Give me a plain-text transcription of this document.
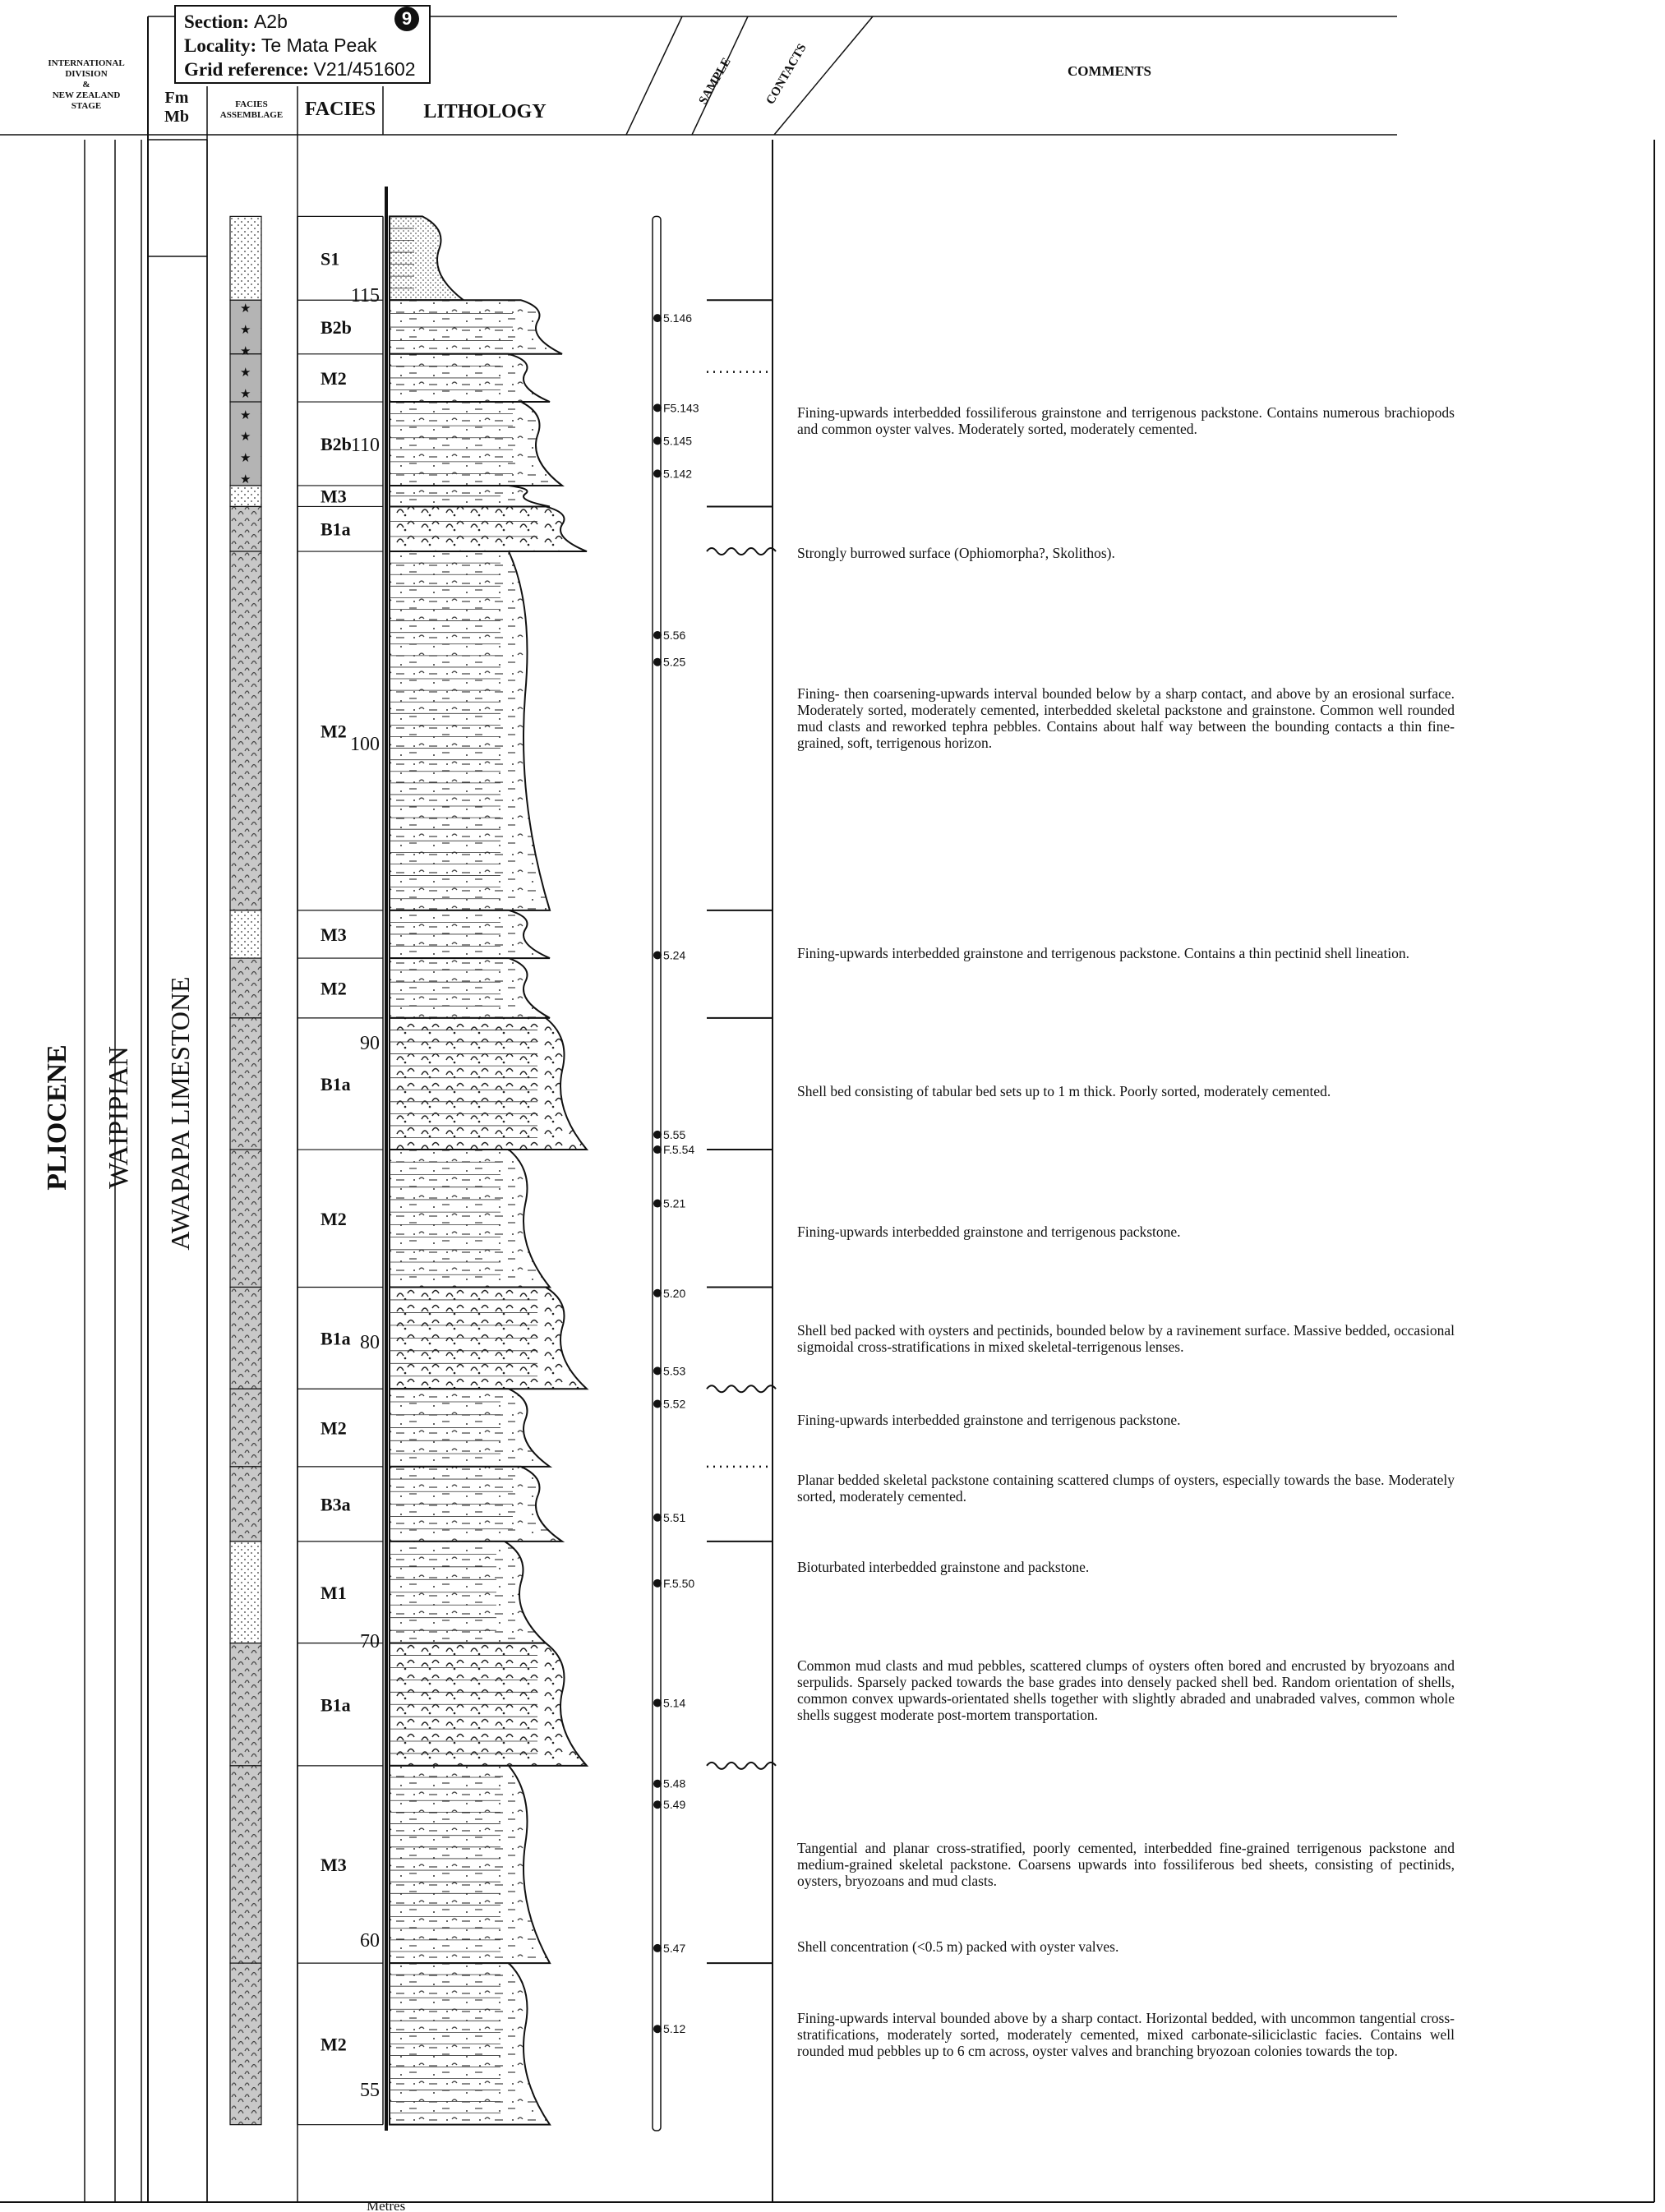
INTERNATIONAL
DIVISION
&
NEW ZEALAND
STAGE	Fm
Mb
FACIES
ASSEMBLAGE FACIES LITHOLOGY
SAMPLE CONTACTS	COMMENTS
PLIOCENE WAIPIPIAN AWAPAPA LIMESTONE
S1
B2b
M2
B2b
M3
B1a
M2
M3
M2
B1a
M2
B1a
M2
B3a
M1
B1a
M3
M2
115
110
100
90
80
70
60
55
5.146
F5.143
5.145
5.142
5.56
5.25
5.24
5.55
F.5.54
5.21
5.20
5.53
5.52
5.51
F.5.50
5.14
5.48
5.49
5.47
5.12
Metres
Section: A2b
Locality: Te Mata Peak
Grid reference: V21/451602
9
Fining-upwards interbedded fossiliferous grainstone and terrigenous packstone. Contains numerous brachiopods and common oyster valves. Moderately sorted, moderately cemented.
Strongly burrowed surface (Ophiomorpha?, Skolithos).
Fining- then coarsening-upwards interval bounded below by a sharp contact, and above by an erosional surface. Moderately sorted, moderately cemented, interbedded skeletal packstone and grainstone. Common well rounded mud clasts and reworked tephra pebbles. Contains about half way between the bounding contacts a thin fine-grained, soft, terrigenous horizon.
Fining-upwards interbedded grainstone and terrigenous packstone. Contains a thin pectinid shell lineation.
Shell bed consisting of tabular bed sets up to 1 m thick. Poorly sorted, moderately cemented.
Fining-upwards interbedded grainstone and terrigenous packstone.
Shell bed packed with oysters and pectinids, bounded below by a ravinement surface. Massive bedded, occasional sigmoidal cross-stratifications in mixed skeletal-terrigenous lenses.
Fining-upwards interbedded grainstone and terrigenous packstone.
Planar bedded skeletal packstone containing scattered clumps of oysters, especially towards the base. Moderately sorted, moderately cemented.
Bioturbated interbedded grainstone and packstone.
Common mud clasts and mud pebbles, scattered clumps of oysters often bored and encrusted by bryozoans and serpulids. Sparsely packed towards the base grades into densely packed shell bed. Random orientation of shells, common convex upwards-orientated shells together with slightly abraded and unabraded valves, common whole shells suggest moderate post-mortem transportation.
Tangential and planar cross-stratified, poorly cemented, interbedded fine-grained terrigenous packstone and medium-grained skeletal packstone. Coarsens upwards into fossiliferous bed sheets, consisting of pectinids, oysters, bryozoans and mud clasts.
Shell concentration (<0.5 m) packed with oyster valves.
Fining-upwards interval bounded above by a sharp contact. Horizontal bedded, with uncommon tangential cross-stratifications, moderately sorted, moderately cemented, mixed carbonate-siliciclastic facies. Contains well rounded mud pebbles up to 6 cm across, oyster valves and branching bryozoan colonies towards the top.
